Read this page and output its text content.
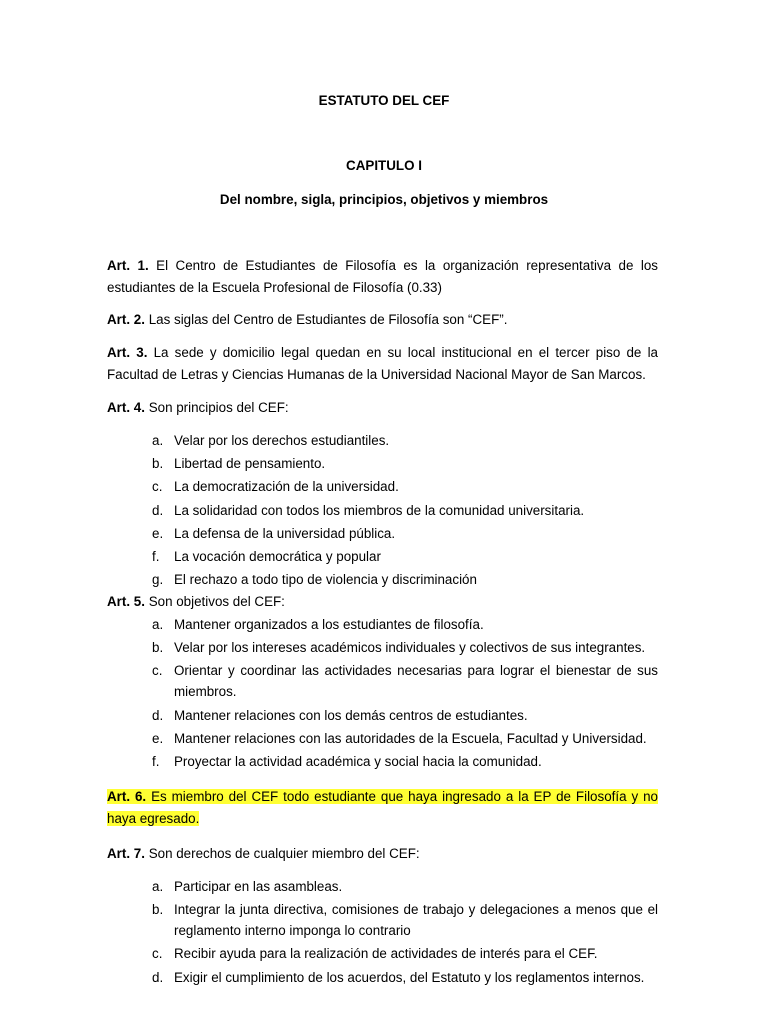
ESTATUTO DEL CEF
CAPITULO I
Del nombre, sigla, principios, objetivos y miembros

Art. 1. El Centro de Estudiantes de Filosofía es la organización representativa de los estudiantes de la Escuela Profesional de Filosofía (0.33)

Art. 2. Las siglas del Centro de Estudiantes de Filosofía son “CEF”.

Art. 3. La sede y domicilio legal quedan en su local institucional en el tercer piso de la Facultad de Letras y Ciencias Humanas de la Universidad Nacional Mayor de San Marcos.

Art. 4. Son principios del CEF:

a. Velar por los derechos estudiantiles.
b. Libertad de pensamiento.
c. La democratización de la universidad.
d. La solidaridad con todos los miembros de la comunidad universitaria.
e. La defensa de la universidad pública.
f. La vocación democrática y popular
g. El rechazo a todo tipo de violencia y discriminación

Art. 5. Son objetivos del CEF:

a. Mantener organizados a los estudiantes de filosofía.
b. Velar por los intereses académicos individuales y colectivos de sus integrantes.
c. Orientar y coordinar las actividades necesarias para lograr el bienestar de sus miembros.
d. Mantener relaciones con los demás centros de estudiantes.
e. Mantener relaciones con las autoridades de la Escuela, Facultad y Universidad.
f. Proyectar la actividad académica y social hacia la comunidad.

Art. 6. Es miembro del CEF todo estudiante que haya ingresado a la EP de Filosofía y no haya egresado.

Art. 7. Son derechos de cualquier miembro del CEF:

a. Participar en las asambleas.
b. Integrar la junta directiva, comisiones de trabajo y delegaciones a menos que el reglamento interno imponga lo contrario
c. Recibir ayuda para la realización de actividades de interés para el CEF.
d. Exigir el cumplimiento de los acuerdos, del Estatuto y los reglamentos internos.
